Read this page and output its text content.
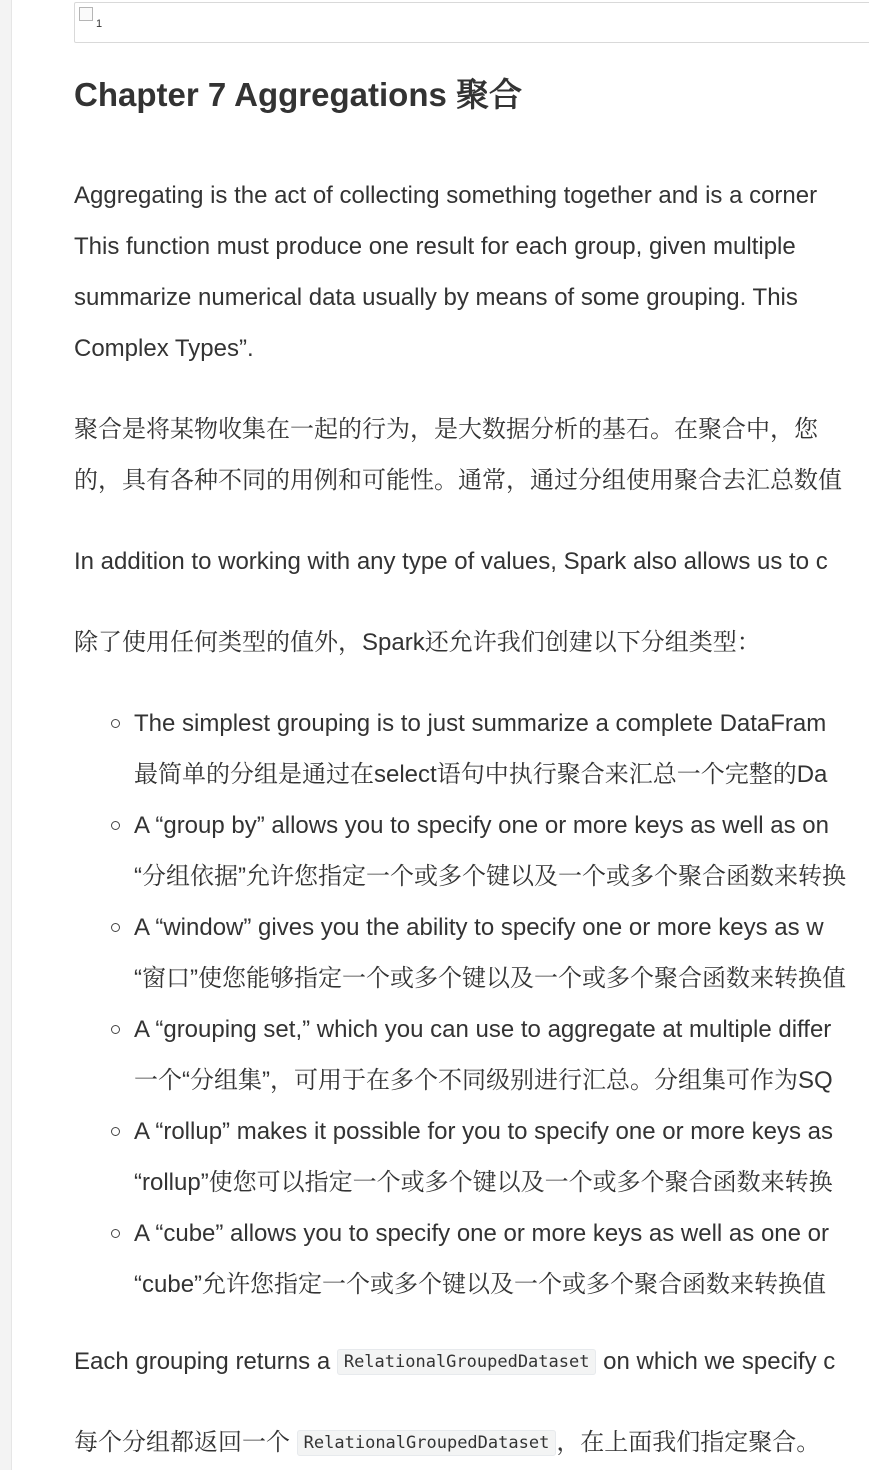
1
Chapter 7 Aggregations 聚合

Aggregating is the act of collecting something together and is a corner
This function must produce one result for each group, given multiple
summarize numerical data usually by means of some grouping. This
Complex Types”.

聚合是将某物收集在一起的行为，是大数据分析的基石。在聚合中，您
的，具有各种不同的用例和可能性。通常，通过分组使用聚合去汇总数值

In addition to working with any type of values, Spark also allows us to c

除了使用任何类型的值外，Spark还允许我们创建以下分组类型：

The simplest grouping is to just summarize a complete DataFram
最简单的分组是通过在select语句中执行聚合来汇总一个完整的Da
A “group by” allows you to specify one or more keys as well as on
“分组依据”允许您指定一个或多个键以及一个或多个聚合函数来转换
A “window” gives you the ability to specify one or more keys as w
“窗口”使您能够指定一个或多个键以及一个或多个聚合函数来转换值
A “grouping set,” which you can use to aggregate at multiple differ
一个“分组集”，可用于在多个不同级别进行汇总。分组集可作为SQ
A “rollup” makes it possible for you to specify one or more keys as
“rollup”使您可以指定一个或多个键以及一个或多个聚合函数来转换
A “cube” allows you to specify one or more keys as well as one or
“cube”允许您指定一个或多个键以及一个或多个聚合函数来转换值

Each grouping returns a RelationalGroupedDataset on which we specify c

每个分组都返回一个 RelationalGroupedDataset ，在上面我们指定聚合。
